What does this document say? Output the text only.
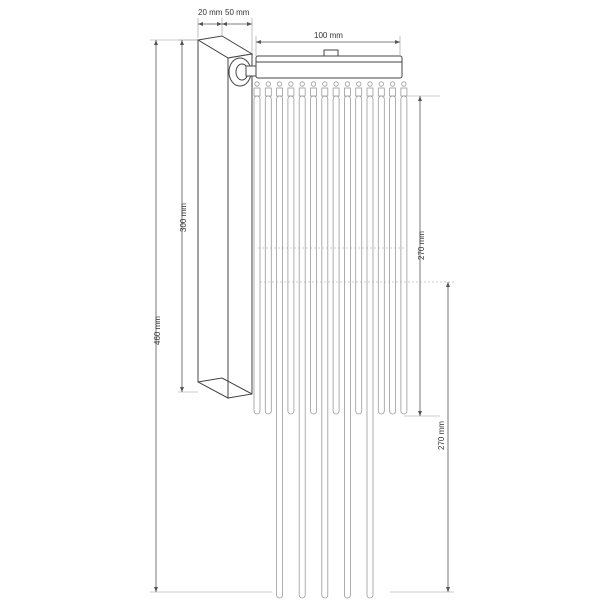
20 mm 50 mm
100 mm
460 mm
300 mm
270 mm
270 mm
